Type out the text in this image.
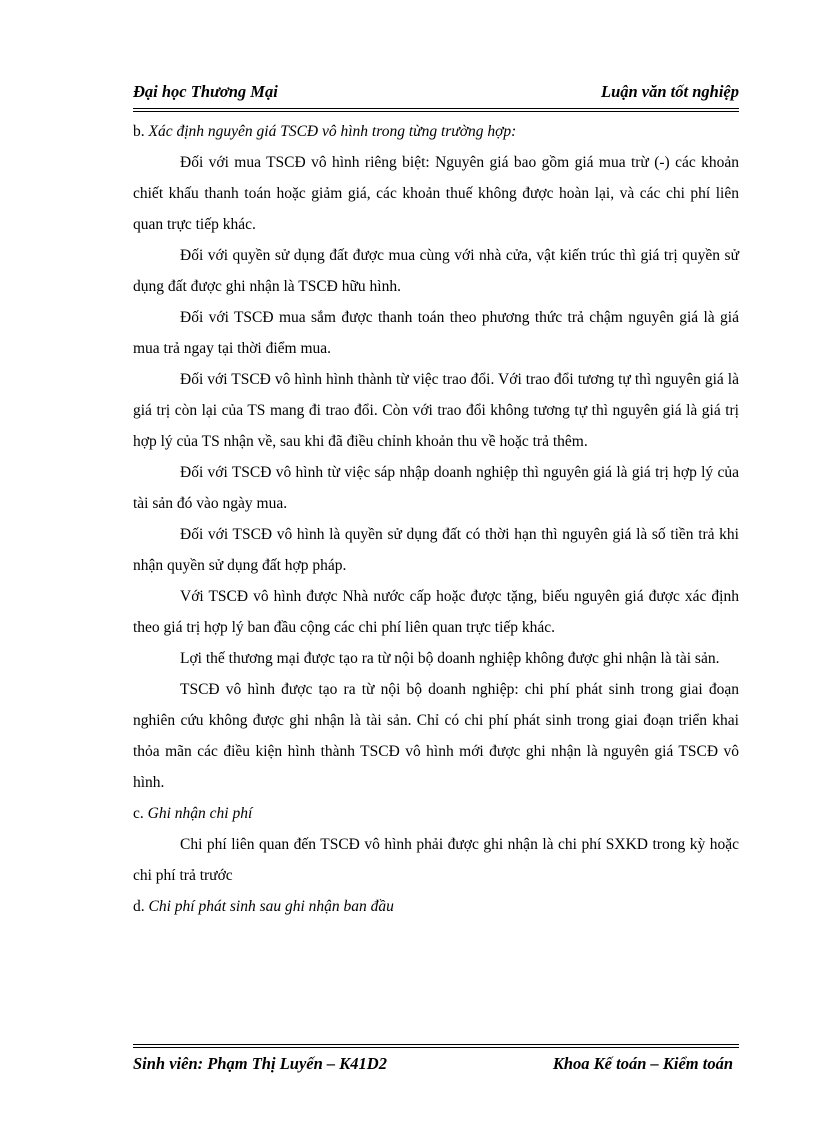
Đại học Thương Mại	Luận văn tốt nghiệp

b. Xác định nguyên giá TSCĐ vô hình trong từng trường hợp:

Đối với mua TSCĐ vô hình riêng biệt: Nguyên giá bao gồm giá mua trừ (-) các khoản chiết khấu thanh toán hoặc giảm giá, các khoản thuế không được hoàn lại, và các chi phí liên quan trực tiếp khác.

Đối với quyền sử dụng đất được mua cùng với nhà cửa, vật kiến trúc thì giá trị quyền sử dụng đất được ghi nhận là TSCĐ hữu hình.

Đối với TSCĐ mua sắm được thanh toán theo phương thức trả chậm nguyên giá là giá mua trả ngay tại thời điểm mua.

Đối với TSCĐ vô hình hình thành từ việc trao đổi. Với trao đổi tương tự thì nguyên giá là giá trị còn lại của TS mang đi trao đổi. Còn với trao đổi không tương tự thì nguyên giá là giá trị hợp lý của TS nhận về, sau khi đã điều chỉnh khoản thu về hoặc trả thêm.

Đối với TSCĐ vô hình từ việc sáp nhập doanh nghiệp thì nguyên giá là giá trị hợp lý của tài sản đó vào ngày mua.

Đối với TSCĐ vô hình là quyền sử dụng đất có thời hạn thì nguyên giá là số tiền trả khi nhận quyền sử dụng đất hợp pháp.

Với TSCĐ vô hình được Nhà nước cấp hoặc được tặng, biếu nguyên giá được xác định theo giá trị hợp lý ban đầu cộng các chi phí liên quan trực tiếp khác.

Lợi thế thương mại được tạo ra từ nội bộ doanh nghiệp không được ghi nhận là tài sản.

TSCĐ vô hình được tạo ra từ nội bộ doanh nghiệp: chi phí phát sinh trong giai đoạn nghiên cứu không được ghi nhận là tài sản. Chỉ có chi phí phát sinh trong giai đoạn triển khai thỏa mãn các điều kiện hình thành TSCĐ vô hình mới được ghi nhận là nguyên giá TSCĐ vô hình.

c. Ghi nhận chi phí

Chi phí liên quan đến TSCĐ vô hình phải được ghi nhận là chi phí SXKD trong kỳ hoặc chi phí trả trước

d. Chi phí phát sinh sau ghi nhận ban đầu

Sinh viên: Phạm Thị Luyến – K41D2	Khoa Kế toán – Kiểm toán
